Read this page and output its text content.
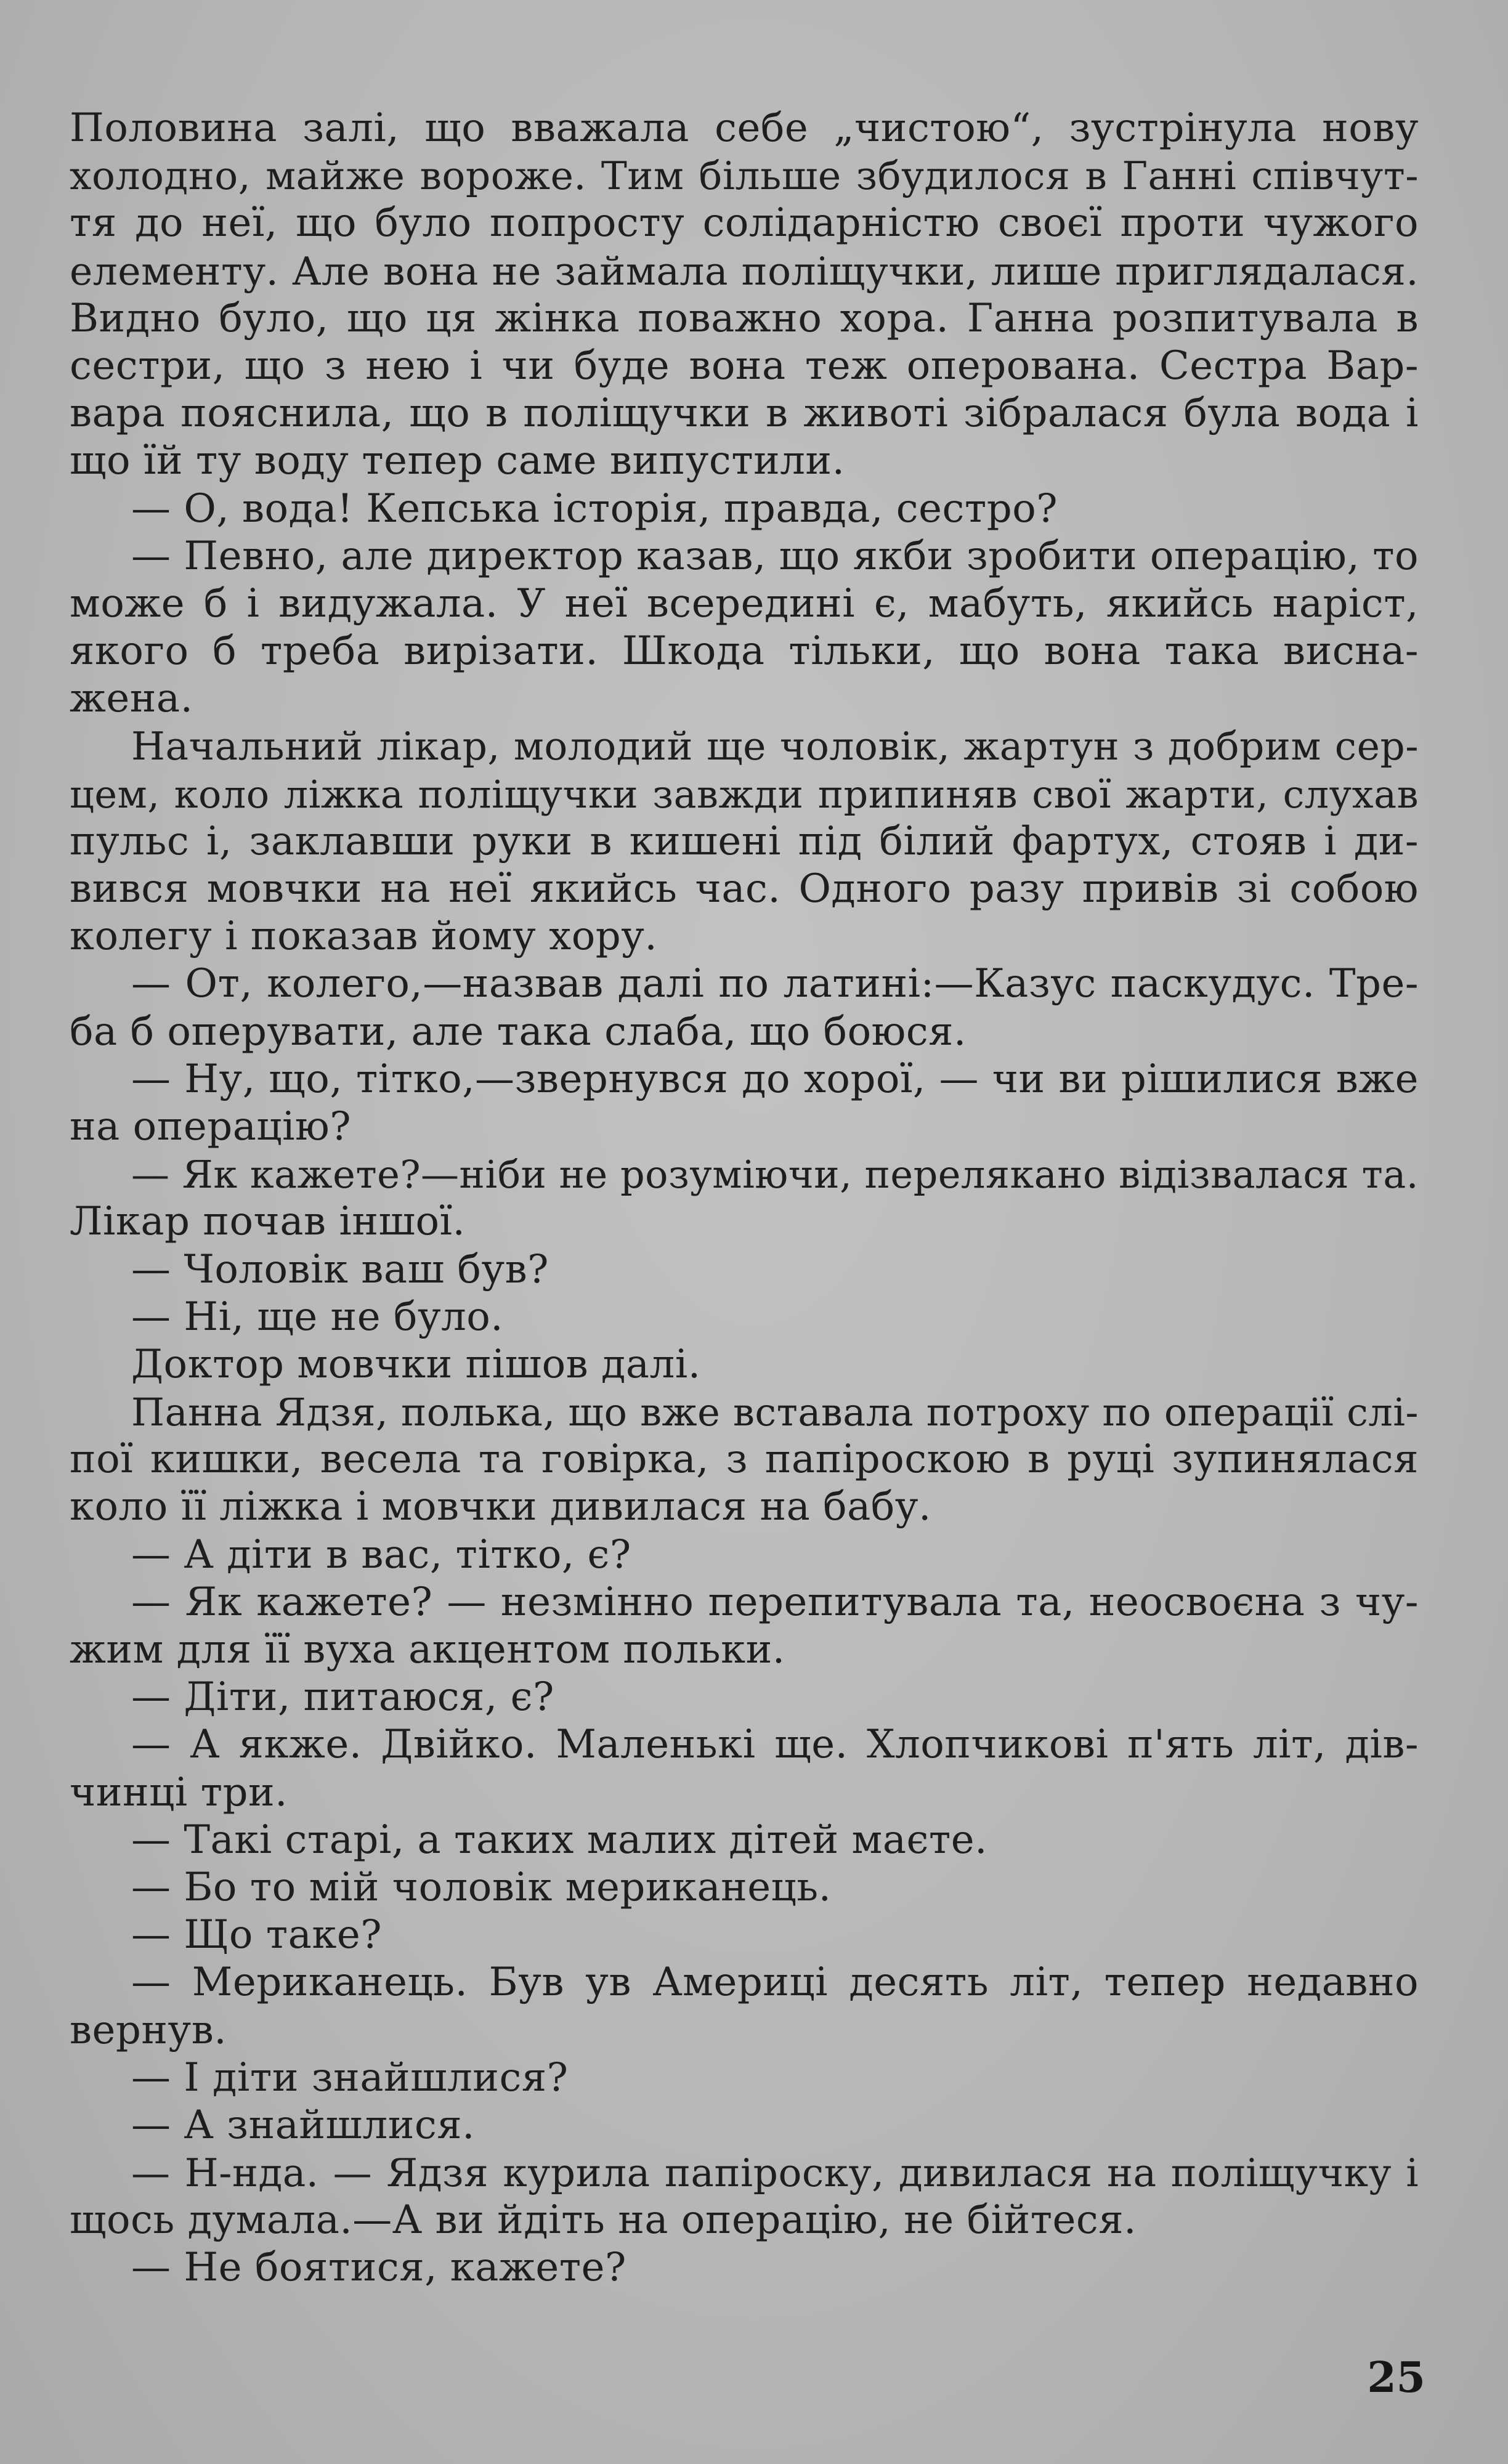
Половина залі, що вважала себе „чистою“, зустрінула нову
холодно, майже вороже. Тим більше збудилося в Ганні співчут-
тя до неї, що було попросту солідарністю своєї проти чужого
елементу. Але вона не займала поліщучки, лише приглядалася.
Видно було, що ця жінка поважно хора. Ганна розпитувала в
сестри, що з нею і чи буде вона теж оперована. Сестра Вар-
вара пояснила, що в поліщучки в животі зібралася була вода і
що їй ту воду тепер саме випустили.
— О, вода! Кепська історія, правда, сестро?
— Певно, але директор казав, що якби зробити операцію, то
може б і видужала. У неї всередині є, мабуть, якийсь наріст,
якого б треба вирізати. Шкода тільки, що вона така висна-
жена.
Начальний лікар, молодий ще чоловік, жартун з добрим сер-
цем, коло ліжка поліщучки завжди припиняв свої жарти, слухав
пульс і, заклавши руки в кишені під білий фартух, стояв і ди-
вився мовчки на неї якийсь час. Одного разу привів зі собою
колегу і показав йому хору.
— От, колего,—назвав далі по латині:—Казус паскудус. Тре-
ба б оперувати, але така слаба, що боюся.
— Ну, що, тітко,—звернувся до хорої, — чи ви рішилися вже
на операцію?
— Як кажете?—ніби не розуміючи, перелякано відізвалася та.
Лікар почав іншої.
— Чоловік ваш був?
— Ні, ще не було.
Доктор мовчки пішов далі.
Панна Ядзя, полька, що вже вставала потроху по операції слі-
пої кишки, весела та говірка, з папіроскою в руці зупинялася
коло її ліжка і мовчки дивилася на бабу.
— А діти в вас, тітко, є?
— Як кажете? — незмінно перепитувала та, неосвоєна з чу-
жим для її вуха акцентом польки.
— Діти, питаюся, є?
— А якже. Двійко. Маленькі ще. Хлопчикові п'ять літ, дів-
чинці три.
— Такі старі, а таких малих дітей маєте.
— Бо то мій чоловік мериканець.
— Що таке?
— Мериканець. Був ув Америці десять літ, тепер недавно
вернув.
— І діти знайшлися?
— А знайшлися.
— Н-нда. — Ядзя курила папіроску, дивилася на поліщучку і
щось думала.—А ви йдіть на операцію, не бійтеся.
— Не боятися, кажете?
25
